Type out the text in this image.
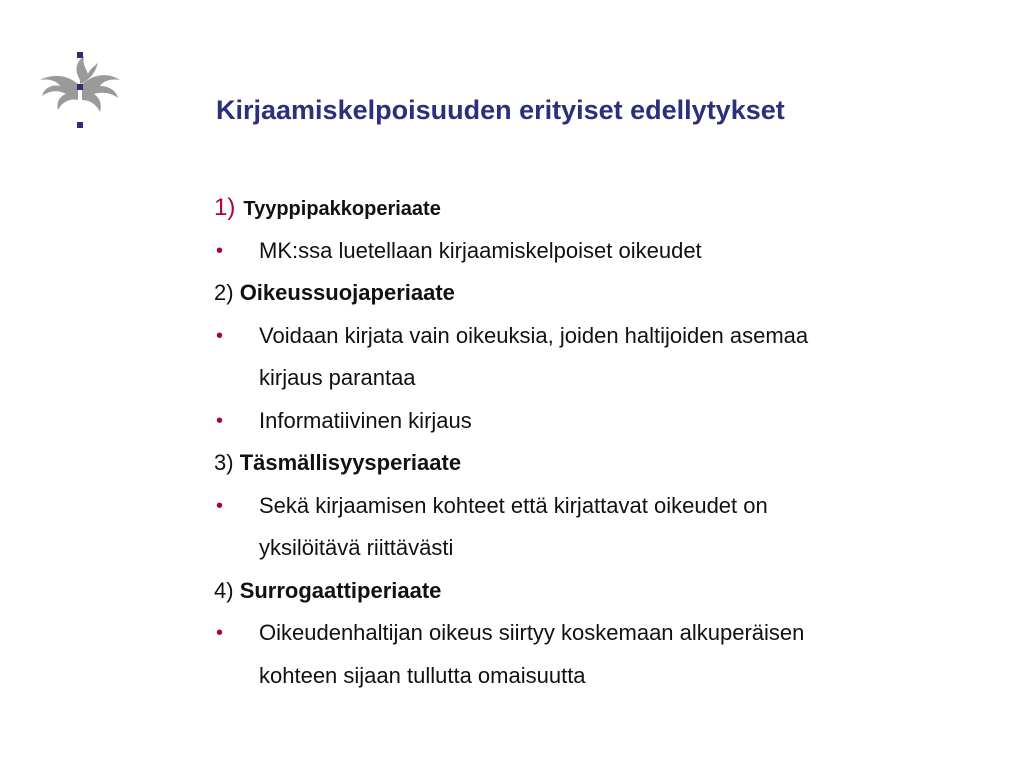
Kirjaamiskelpoisuuden erityiset edellytykset
1) Tyyppipakkoperiaate
• MK:ssa luetellaan kirjaamiskelpoiset oikeudet
2) Oikeussuojaperiaate
• Voidaan kirjata vain oikeuksia, joiden haltijoiden asemaa
kirjaus parantaa
• Informatiivinen kirjaus
3) Täsmällisyysperiaate
• Sekä kirjaamisen kohteet että kirjattavat oikeudet on
yksilöitävä riittävästi
4) Surrogaattiperiaate
• Oikeudenhaltijan oikeus siirtyy koskemaan alkuperäisen
kohteen sijaan tullutta omaisuutta
